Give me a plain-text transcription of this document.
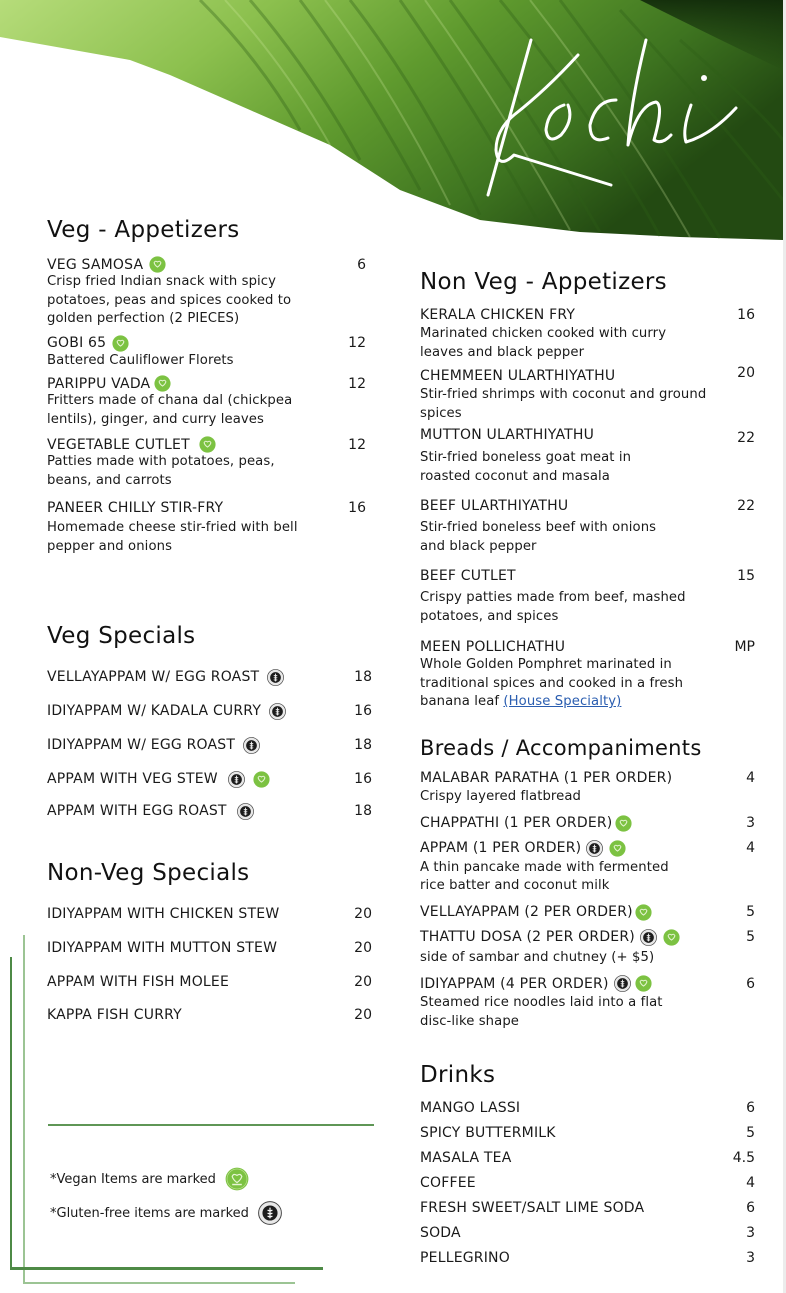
*Vegan Items are marked
*Gluten-free items are marked
Veg - Appetizers
VEG SAMOSA	6
Crisp fried Indian snack with spicy potatoes, peas and spices cooked to golden perfection (2 PIECES)
GOBI 65	12
Battered Cauliflower Florets
PARIPPU VADA	12
Fritters made of chana dal (chickpea lentils), ginger, and curry leaves
VEGETABLE CUTLET	12
Patties made with potatoes, peas, beans, and carrots
PANEER CHILLY STIR-FRY	16
Homemade cheese stir-fried with bell pepper and onions
Veg Specials
VELLAYAPPAM W/ EGG ROAST	18
IDIYAPPAM W/ KADALA CURRY	16
IDIYAPPAM W/ EGG ROAST	18
APPAM WITH VEG STEW	16
APPAM WITH EGG ROAST	18
Non-Veg Specials
IDIYAPPAM WITH CHICKEN STEW	20
IDIYAPPAM WITH MUTTON STEW	20
APPAM WITH FISH MOLEE	20
KAPPA FISH CURRY	20
Non Veg - Appetizers
KERALA CHICKEN FRY	16
Marinated chicken cooked with curry leaves and black pepper
CHEMMEEN ULARTHIYATHU	20
Stir-fried shrimps with coconut and ground spices
MUTTON ULARTHIYATHU	22
Stir-fried boneless goat meat in roasted coconut and masala
BEEF ULARTHIYATHU	22
Stir-fried boneless beef with onions and black pepper
BEEF CUTLET	15
Crispy patties made from beef, mashed potatoes, and spices
MEEN POLLICHATHU	MP
Whole Golden Pomphret marinated in traditional spices and cooked in a fresh banana leaf (House Specialty)
Breads / Accompaniments
MALABAR PARATHA (1 PER ORDER)	4
Crispy layered flatbread
CHAPPATHI (1 PER ORDER)	3
APPAM (1 PER ORDER)	4
A thin pancake made with fermented rice batter and coconut milk
VELLAYAPPAM (2 PER ORDER)	5
THATTU DOSA (2 PER ORDER)	5
side of sambar and chutney (+ $5)
IDIYAPPAM (4 PER ORDER)	6
Steamed rice noodles laid into a flat disc-like shape
Drinks
MANGO LASSI	6
SPICY BUTTERMILK	5
MASALA TEA	4.5
COFFEE	4
FRESH SWEET/SALT LIME SODA	6
SODA	3
PELLEGRINO	3
